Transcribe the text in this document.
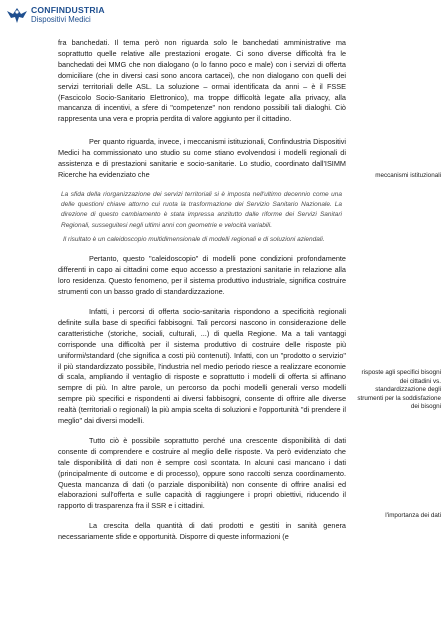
CONFINDUSTRIA
Dispositivi Medici

fra banchedati. Il tema però non riguarda solo le banchedati amministrative ma soprattutto quelle relative alle prestazioni erogate. Ci sono diverse difficoltà fra le banchedati dei MMG che non dialogano (o lo fanno poco e male) con i servizi di offerta domiciliare (che in diversi casi sono ancora cartacei), che non dialogano con quelli dei servizi territoriali delle ASL. La soluzione – ormai identificata da anni – è il FSSE (Fascicolo Socio-Sanitario Elettronico), ma troppe difficoltà legate alla privacy, alla mancanza di incentivi, a sfere di "competenze" non rendono possibili tali dialoghi. Ciò rappresenta una vera e propria perdita di valore aggiunto per il cittadino.

Per quanto riguarda, invece, i meccanismi istituzionali, Confindustria Dispositivi Medici ha commissionato uno studio su come stiano evolvendosi i modelli regionali di assistenza e di prestazioni sanitarie e socio-sanitarie. Lo studio, coordinato dall'ISIMM Ricerche ha evidenziato che

La sfida della riorganizzazione dei servizi territoriali si è imposta nell'ultimo decennio come una delle questioni chiave attorno cui ruota la trasformazione dei Servizio Sanitario Nazionale. La direzione di questo cambiamento è stata impressa anzitutto dalle riforme dei Servizi Sanitari Regionali, susseguitesi negli ultimi anni con geometrie e velocità variabili.

Il risultato è un caleidoscopio multidimensionale di modelli regionali e di soluzioni aziendali.

Pertanto, questo "caleidoscopio" di modelli pone condizioni profondamente differenti in capo ai cittadini come equo accesso a prestazioni sanitarie in relazione alla loro residenza. Questo fenomeno, per il sistema produttivo industriale, significa costruire strumenti con un basso grado di standardizzazione.

Infatti, i percorsi di offerta socio-sanitaria rispondono a specificità regionali definite sulla base di specifici fabbisogni. Tali percorsi nascono in considerazione delle caratteristiche (storiche, sociali, culturali, ...) di quella Regione. Ma a tali vantaggi corrisponde una difficoltà per il sistema produttivo di costruire delle risposte più uniformi/standard (che significa a costi più contenuti). Infatti, con un "prodotto o servizio" il più standardizzato possibile, l'industria nel medio periodo riesce a realizzare economie di scala, ampliando il ventaglio di risposte e soprattutto i modelli di offerta si affinano sempre di più. In altre parole, un percorso da pochi modelli generali verso modelli sempre più specifici e rispondenti ai diversi fabbisogni, consente di offrire alle diverse realtà (territoriali o regionali) la più ampia scelta di soluzioni e l'opportunità "di prendere il meglio" dai diversi modelli.

Tutto ciò è possibile soprattutto perché una crescente disponibilità di dati consente di comprendere e costruire al meglio delle risposte. Va però evidenziato che tale disponibilità di dati non è sempre così scontata. In alcuni casi mancano i dati (principalmente di outcome e di processo), oppure sono raccolti senza coordinamento. Questa mancanza di dati (o parziale disponibilità) non consente di offrire analisi ed elaborazioni sull'offerta e sulle capacità di raggiungere i propri obiettivi, riducendo il rapporto di trasparenza fra il SSR e i cittadini.

La crescita della quantità di dati prodotti e gestiti in sanità genera necessariamente sfide e opportunità. Disporre di queste informazioni (e

meccanismi istituzionali
risposte agli specifici bisogni dei cittadini vs. standardizzazione degli strumenti per la soddisfazione dei bisogni
l'importanza dei dati
